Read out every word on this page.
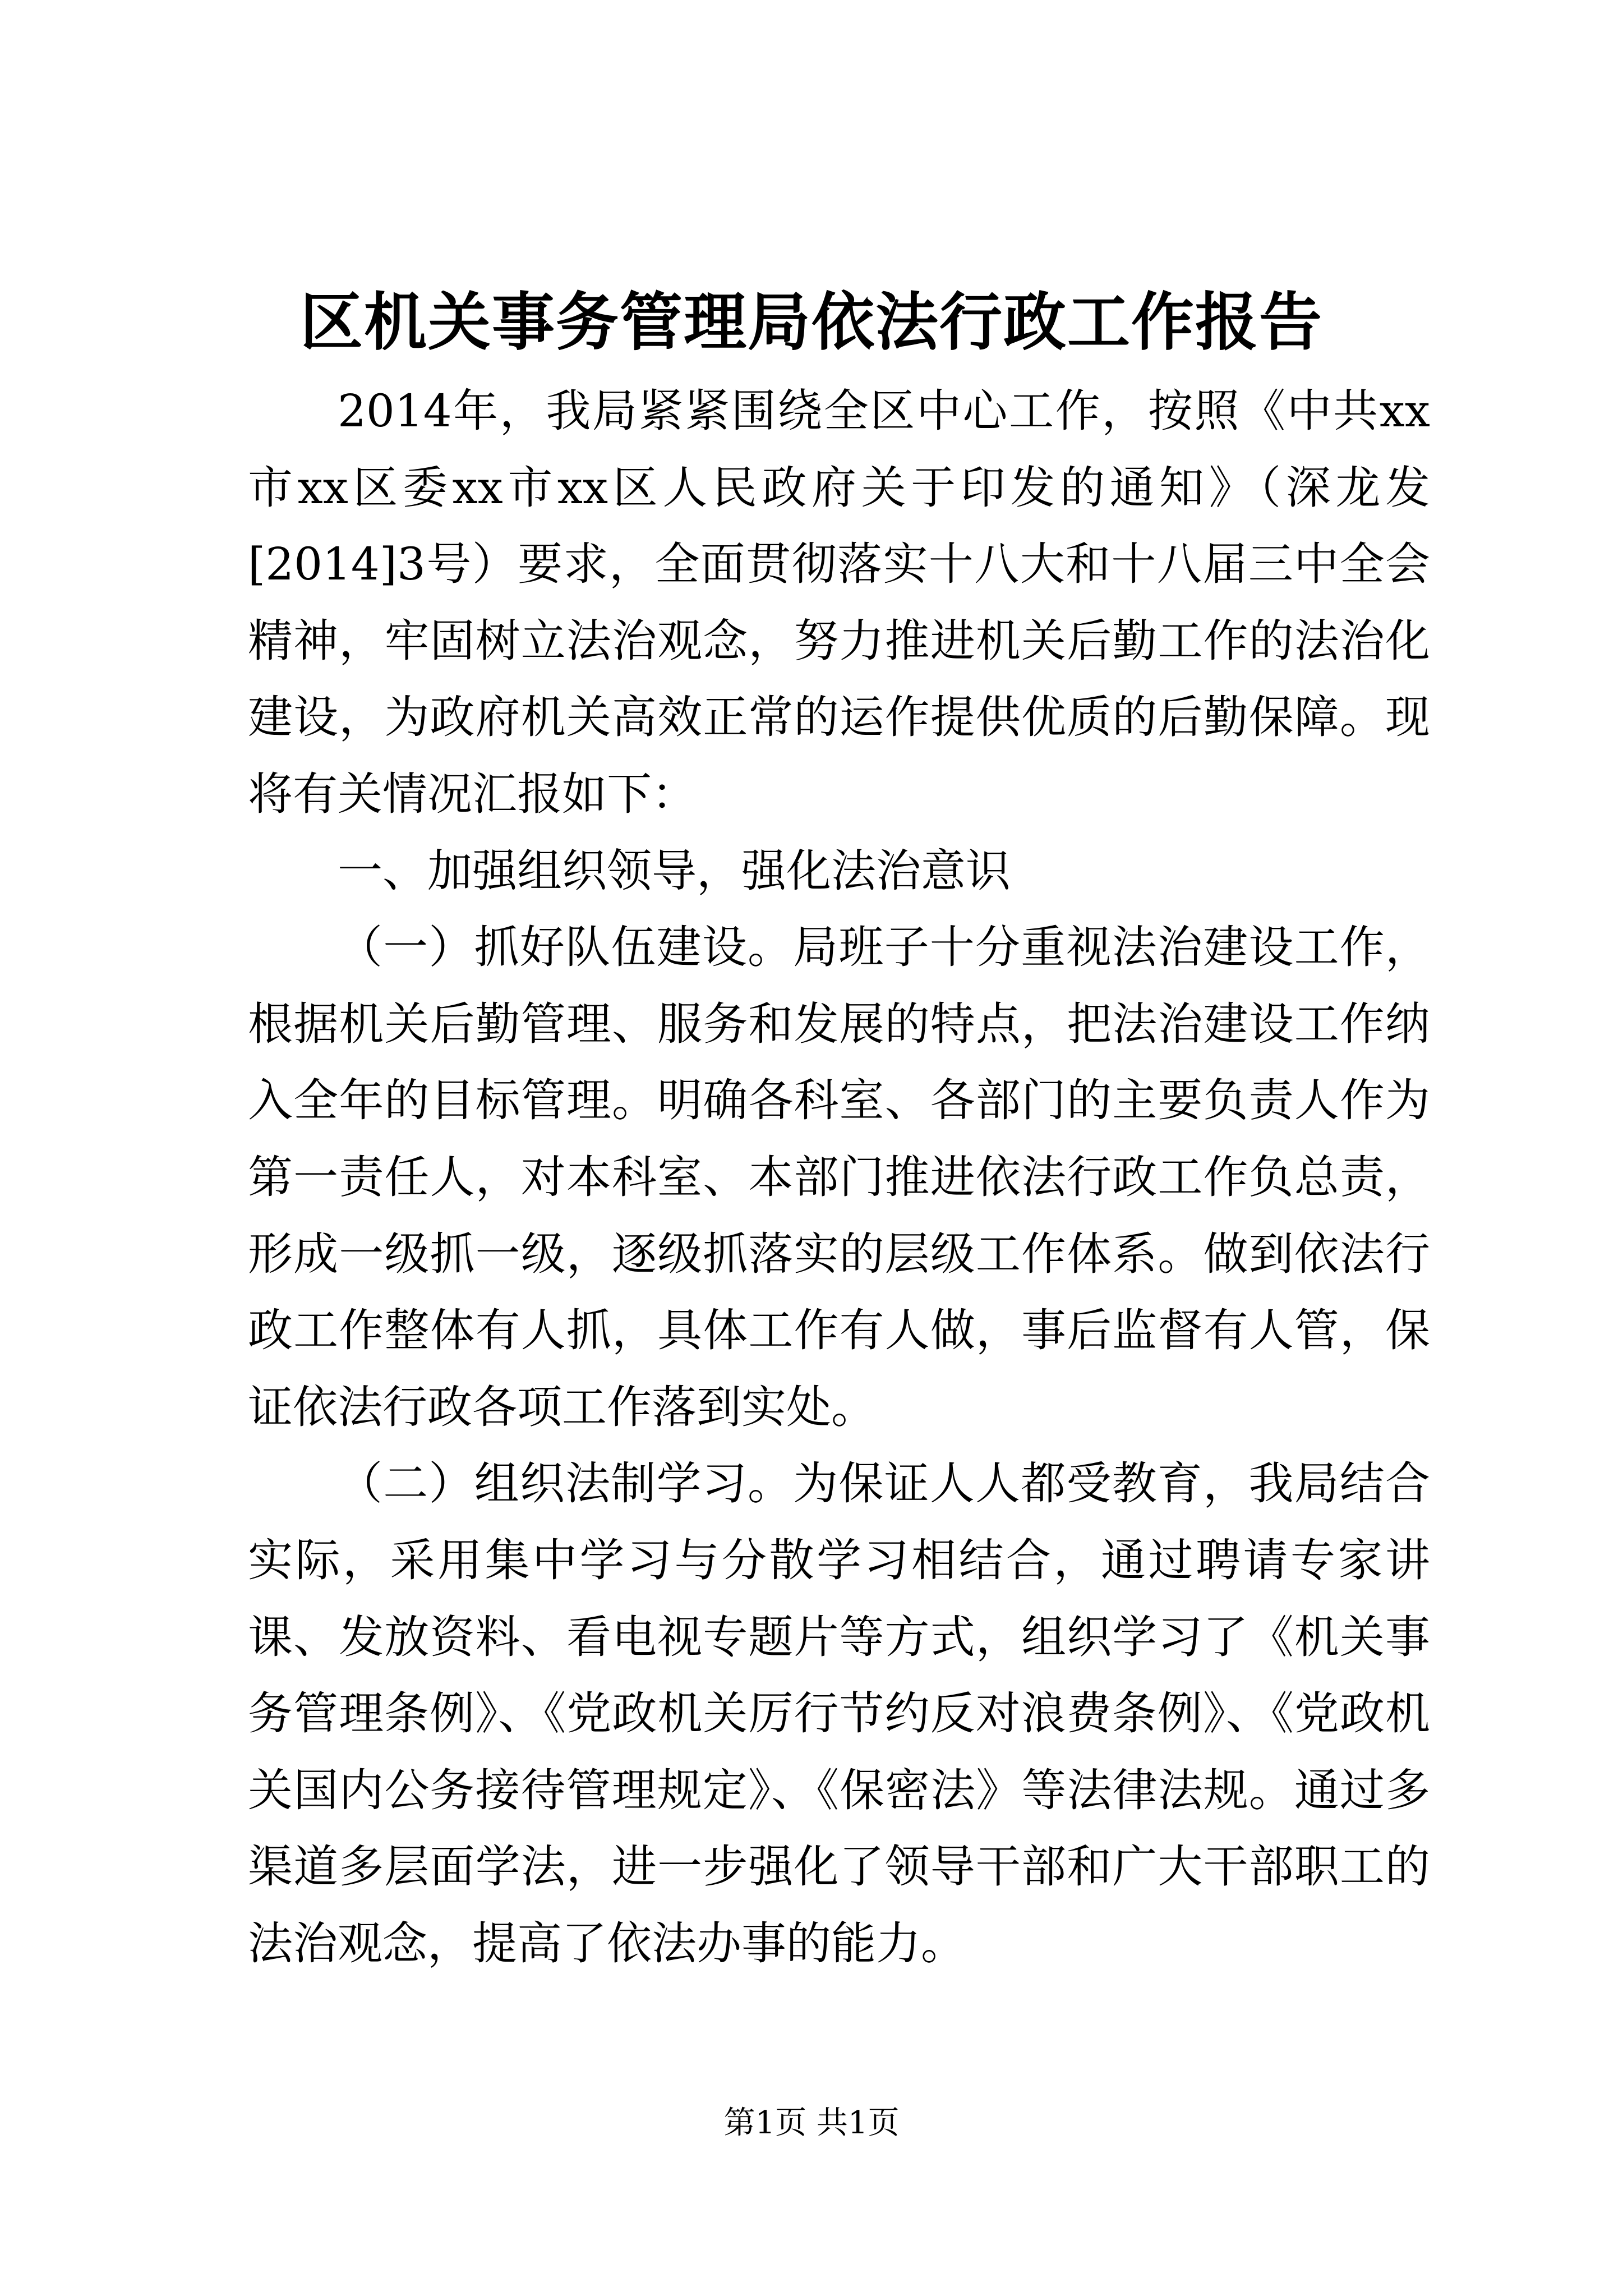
区机关事务管理局依法行政工作报告

2014年，我局紧紧围绕全区中心工作，按照《中共xx市xx区委xx市xx区人民政府关于印发的通知》（深龙发[2014]3号）要求，全面贯彻落实十八大和十八届三中全会精神，牢固树立法治观念，努力推进机关后勤工作的法治化建设，为政府机关高效正常的运作提供优质的后勤保障。现将有关情况汇报如下：

一、加强组织领导，强化法治意识

（一）抓好队伍建设。局班子十分重视法治建设工作，根据机关后勤管理、服务和发展的特点，把法治建设工作纳入全年的目标管理。明确各科室、各部门的主要负责人作为第一责任人，对本科室、本部门推进依法行政工作负总责，形成一级抓一级，逐级抓落实的层级工作体系。做到依法行政工作整体有人抓，具体工作有人做，事后监督有人管，保证依法行政各项工作落到实处。

（二）组织法制学习。为保证人人都受教育，我局结合实际，采用集中学习与分散学习相结合，通过聘请专家讲课、发放资料、看电视专题片等方式，组织学习了《机关事务管理条例》、《党政机关厉行节约反对浪费条例》、《党政机关国内公务接待管理规定》、《保密法》等法律法规。通过多渠道多层面学法，进一步强化了领导干部和广大干部职工的法治观念，提高了依法办事的能力。

第1页 共1页
